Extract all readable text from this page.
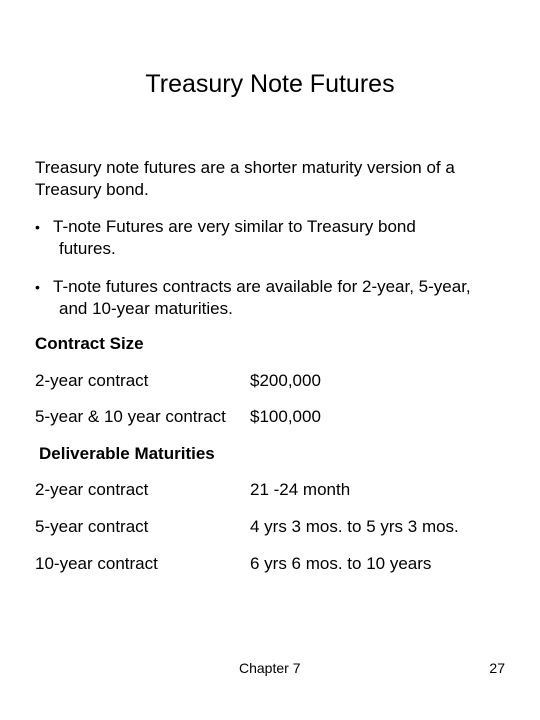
Treasury Note Futures
Treasury note futures are a shorter maturity version of a
Treasury bond.
• T-note Futures are very similar to Treasury bond
futures.
• T-note futures contracts are available for 2-year, 5-year,
and 10-year maturities.
Contract Size
2-year contract	$200,000
5-year & 10 year contract $100,000
Deliverable Maturities
2-year contract	21 -24 month
5-year contract	4 yrs 3 mos. to 5 yrs 3 mos.
10-year contract	6 yrs 6 mos. to 10 years
Chapter 7	27
